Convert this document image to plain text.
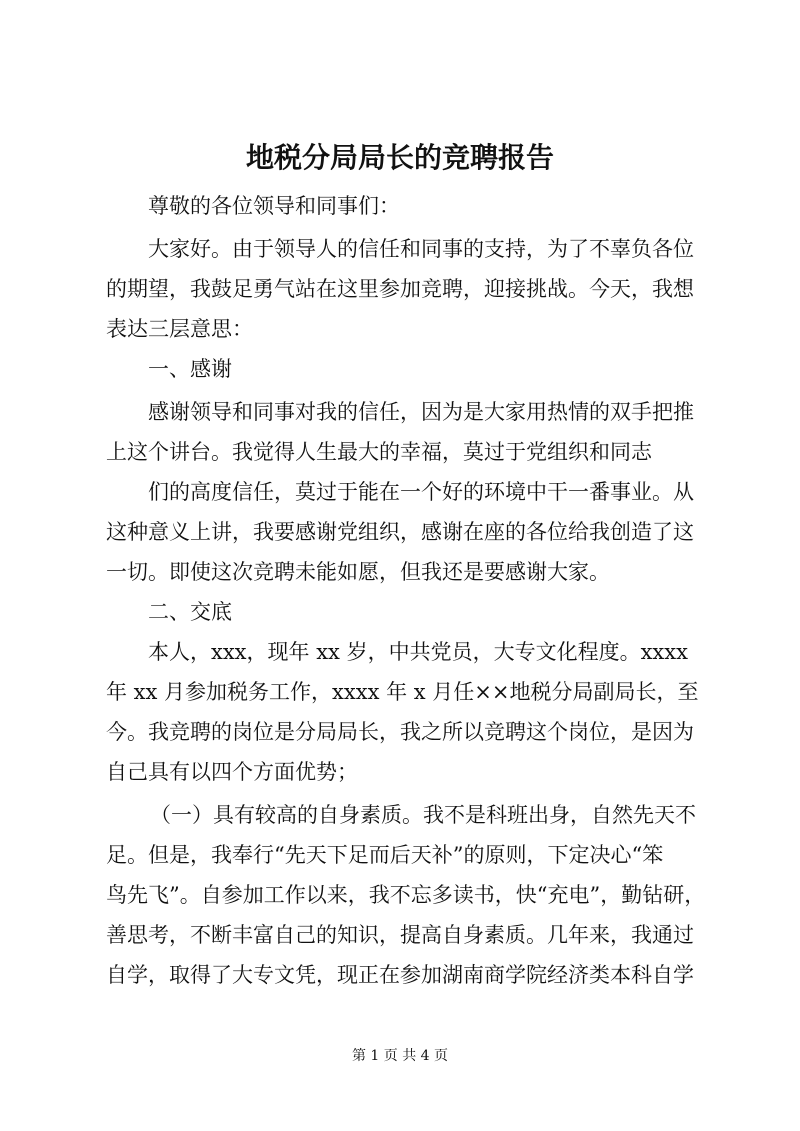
地税分局局长的竞聘报告

尊敬的各位领导和同事们：

大家好。由于领导人的信任和同事的支持，为了不辜负各位

的期望，我鼓足勇气站在这里参加竞聘，迎接挑战。今天，我想

表达三层意思：

一、感谢

感谢领导和同事对我的信任，因为是大家用热情的双手把推

上这个讲台。我觉得人生最大的幸福，莫过于党组织和同志

们的高度信任，莫过于能在一个好的环境中干一番事业。从

这种意义上讲，我要感谢党组织，感谢在座的各位给我创造了这

一切。即使这次竞聘未能如愿，但我还是要感谢大家。

二、交底

本人，xxx，现年 xx 岁，中共党员，大专文化程度。xxxx

年 xx 月参加税务工作，xxxx 年 x 月任××地税分局副局长，至

今。我竞聘的岗位是分局局长，我之所以竞聘这个岗位，是因为

自己具有以四个方面优势；

（一）具有较高的自身素质。我不是科班出身，自然先天不

足。但是，我奉行“先天下足而后天补”的原则，下定决心“笨

鸟先飞”。自参加工作以来，我不忘多读书，快“充电”，勤钻研，

善思考，不断丰富自己的知识，提高自身素质。几年来，我通过

自学，取得了大专文凭，现正在参加湖南商学院经济类本科自学

第 1 页 共 4 页
